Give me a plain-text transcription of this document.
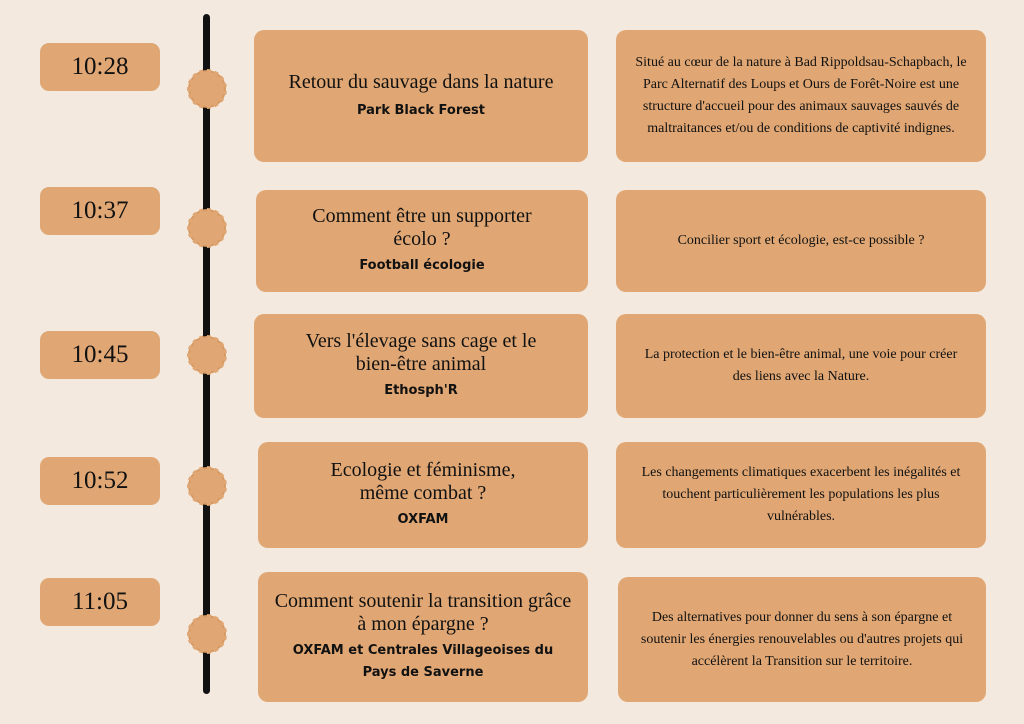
10:28
Retour du sauvage dans la nature
Park Black Forest
Situé au cœur de la nature à Bad Rippoldsau-Schapbach, le Parc Alternatif des Loups et Ours de Forêt-Noire est une structure d'accueil pour des animaux sauvages sauvés de maltraitances et/ou de conditions de captivité indignes.
10:37	Comment être un supporter écolo ?
Football écologie
Concilier sport et écologie, est-ce possible ?
10:45	Vers l'élevage sans cage et le bien-être animal
Ethosph'R
La protection et le bien-être animal, une voie pour créer des liens avec la Nature.
10:52	Ecologie et féminisme, même combat ?
OXFAM
Les changements climatiques exacerbent les inégalités et touchent particulièrement les populations les plus vulnérables.
11:05	Comment soutenir la transition grâce à mon épargne ?
OXFAM et Centrales Villageoises du Pays de Saverne
Des alternatives pour donner du sens à son épargne et soutenir les énergies renouvelables ou d'autres projets qui accélèrent la Transition sur le territoire.
